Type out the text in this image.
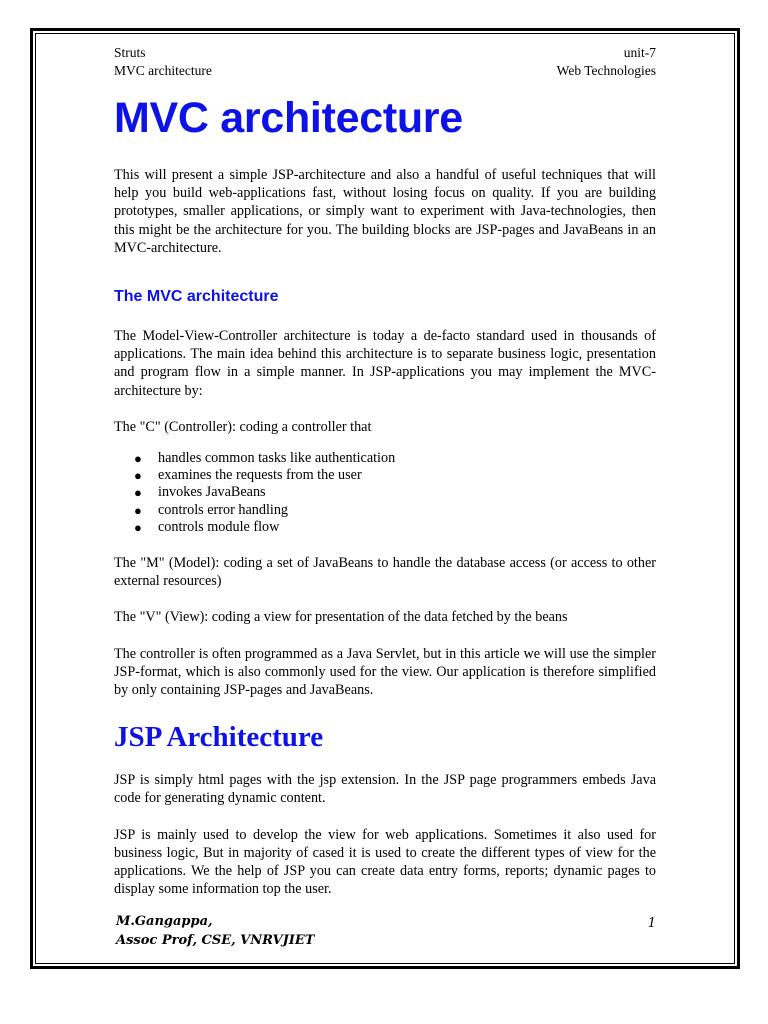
Struts	unit-7
MVC architecture	Web Technologies
MVC architecture

This will present a simple JSP-architecture and also a handful of useful techniques that will help you build web-applications fast, without losing focus on quality. If you are building prototypes, smaller applications, or simply want to experiment with Java-technologies, then this might be the architecture for you. The building blocks are JSP-pages and JavaBeans in an MVC-architecture.

The MVC architecture

The Model-View-Controller architecture is today a de-facto standard used in thousands of applications. The main idea behind this architecture is to separate business logic, presentation and program flow in a simple manner. In JSP-applications you may implement the MVC-architecture by:

The "C" (Controller): coding a controller that

● handles common tasks like authentication
● examines the requests from the user
● invokes JavaBeans
● controls error handling
● controls module flow

The "M" (Model): coding a set of JavaBeans to handle the database access (or access to other external resources)

The "V" (View): coding a view for presentation of the data fetched by the beans

The controller is often programmed as a Java Servlet, but in this article we will use the simpler JSP-format, which is also commonly used for the view. Our application is therefore simplified by only containing JSP-pages and JavaBeans.

JSP Architecture

JSP is simply html pages with the jsp extension. In the JSP page programmers embeds Java code for generating dynamic content.

JSP is mainly used to develop the view for web applications. Sometimes it also used for business logic, But in majority of cased it is used to create the different types of view for the applications. We the help of JSP you can create data entry forms, reports; dynamic pages to display some information top the user.

M.Gangappa,
Assoc Prof, CSE, VNRVJIET
1
